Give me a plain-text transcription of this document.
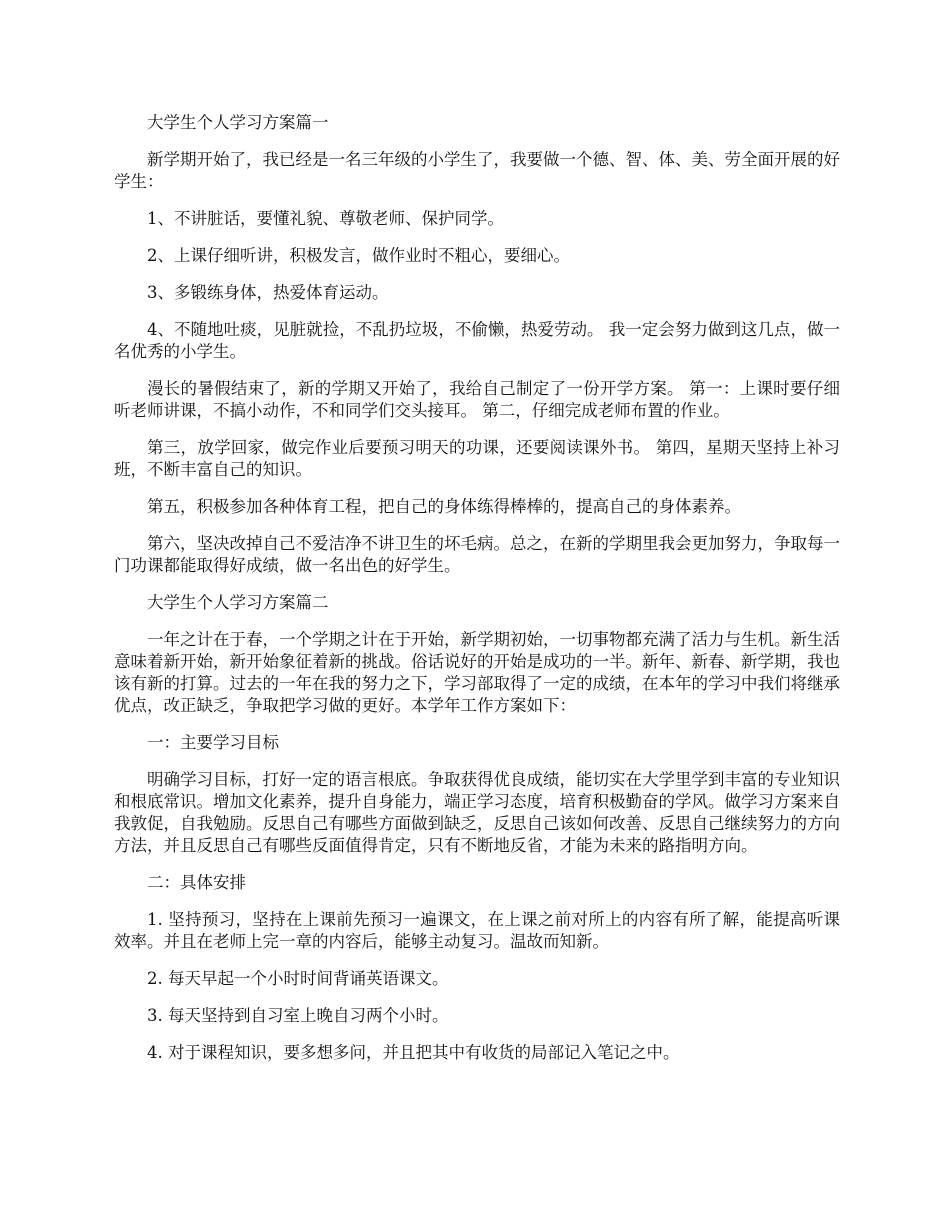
大学生个人学习方案篇一

新学期开始了，我已经是一名三年级的小学生了，我要做一个德、智、体、美、劳全面开展的好学生：

1、不讲脏话，要懂礼貌、尊敬老师、保护同学。

2、上课仔细听讲，积极发言，做作业时不粗心，要细心。

3、多锻练身体，热爱体育运动。

4、不随地吐痰，见脏就捡，不乱扔垃圾，不偷懒，热爱劳动。 我一定会努力做到这几点，做一名优秀的小学生。

漫长的暑假结束了，新的学期又开始了，我给自己制定了一份开学方案。 第一：上课时要仔细听老师讲课，不搞小动作，不和同学们交头接耳。 第二，仔细完成老师布置的作业。

第三，放学回家，做完作业后要预习明天的功课，还要阅读课外书。 第四，星期天坚持上补习班，不断丰富自己的知识。

第五，积极参加各种体育工程，把自己的身体练得棒棒的，提高自己的身体素养。

第六，坚决改掉自己不爱洁净不讲卫生的坏毛病。总之，在新的学期里我会更加努力，争取每一门功课都能取得好成绩，做一名出色的好学生。

大学生个人学习方案篇二

一年之计在于春，一个学期之计在于开始，新学期初始，一切事物都充满了活力与生机。新生活意味着新开始，新开始象征着新的挑战。俗话说好的开始是成功的一半。新年、新春、新学期，我也该有新的打算。过去的一年在我的努力之下，学习部取得了一定的成绩，在本年的学习中我们将继承优点，改正缺乏，争取把学习做的更好。本学年工作方案如下：

一：主要学习目标

明确学习目标，打好一定的语言根底。争取获得优良成绩，能切实在大学里学到丰富的专业知识和根底常识。增加文化素养，提升自身能力，端正学习态度，培育积极勤奋的学风。做学习方案来自我敦促，自我勉励。反思自己有哪些方面做到缺乏，反思自己该如何改善、反思自己继续努力的方向方法，并且反思自己有哪些反面值得肯定，只有不断地反省，才能为未来的路指明方向。

二：具体安排

1. 坚持预习，坚持在上课前先预习一遍课文，在上课之前对所上的内容有所了解，能提高听课效率。并且在老师上完一章的内容后，能够主动复习。温故而知新。

2. 每天早起一个小时时间背诵英语课文。

3. 每天坚持到自习室上晚自习两个小时。

4. 对于课程知识，要多想多问，并且把其中有收货的局部记入笔记之中。
